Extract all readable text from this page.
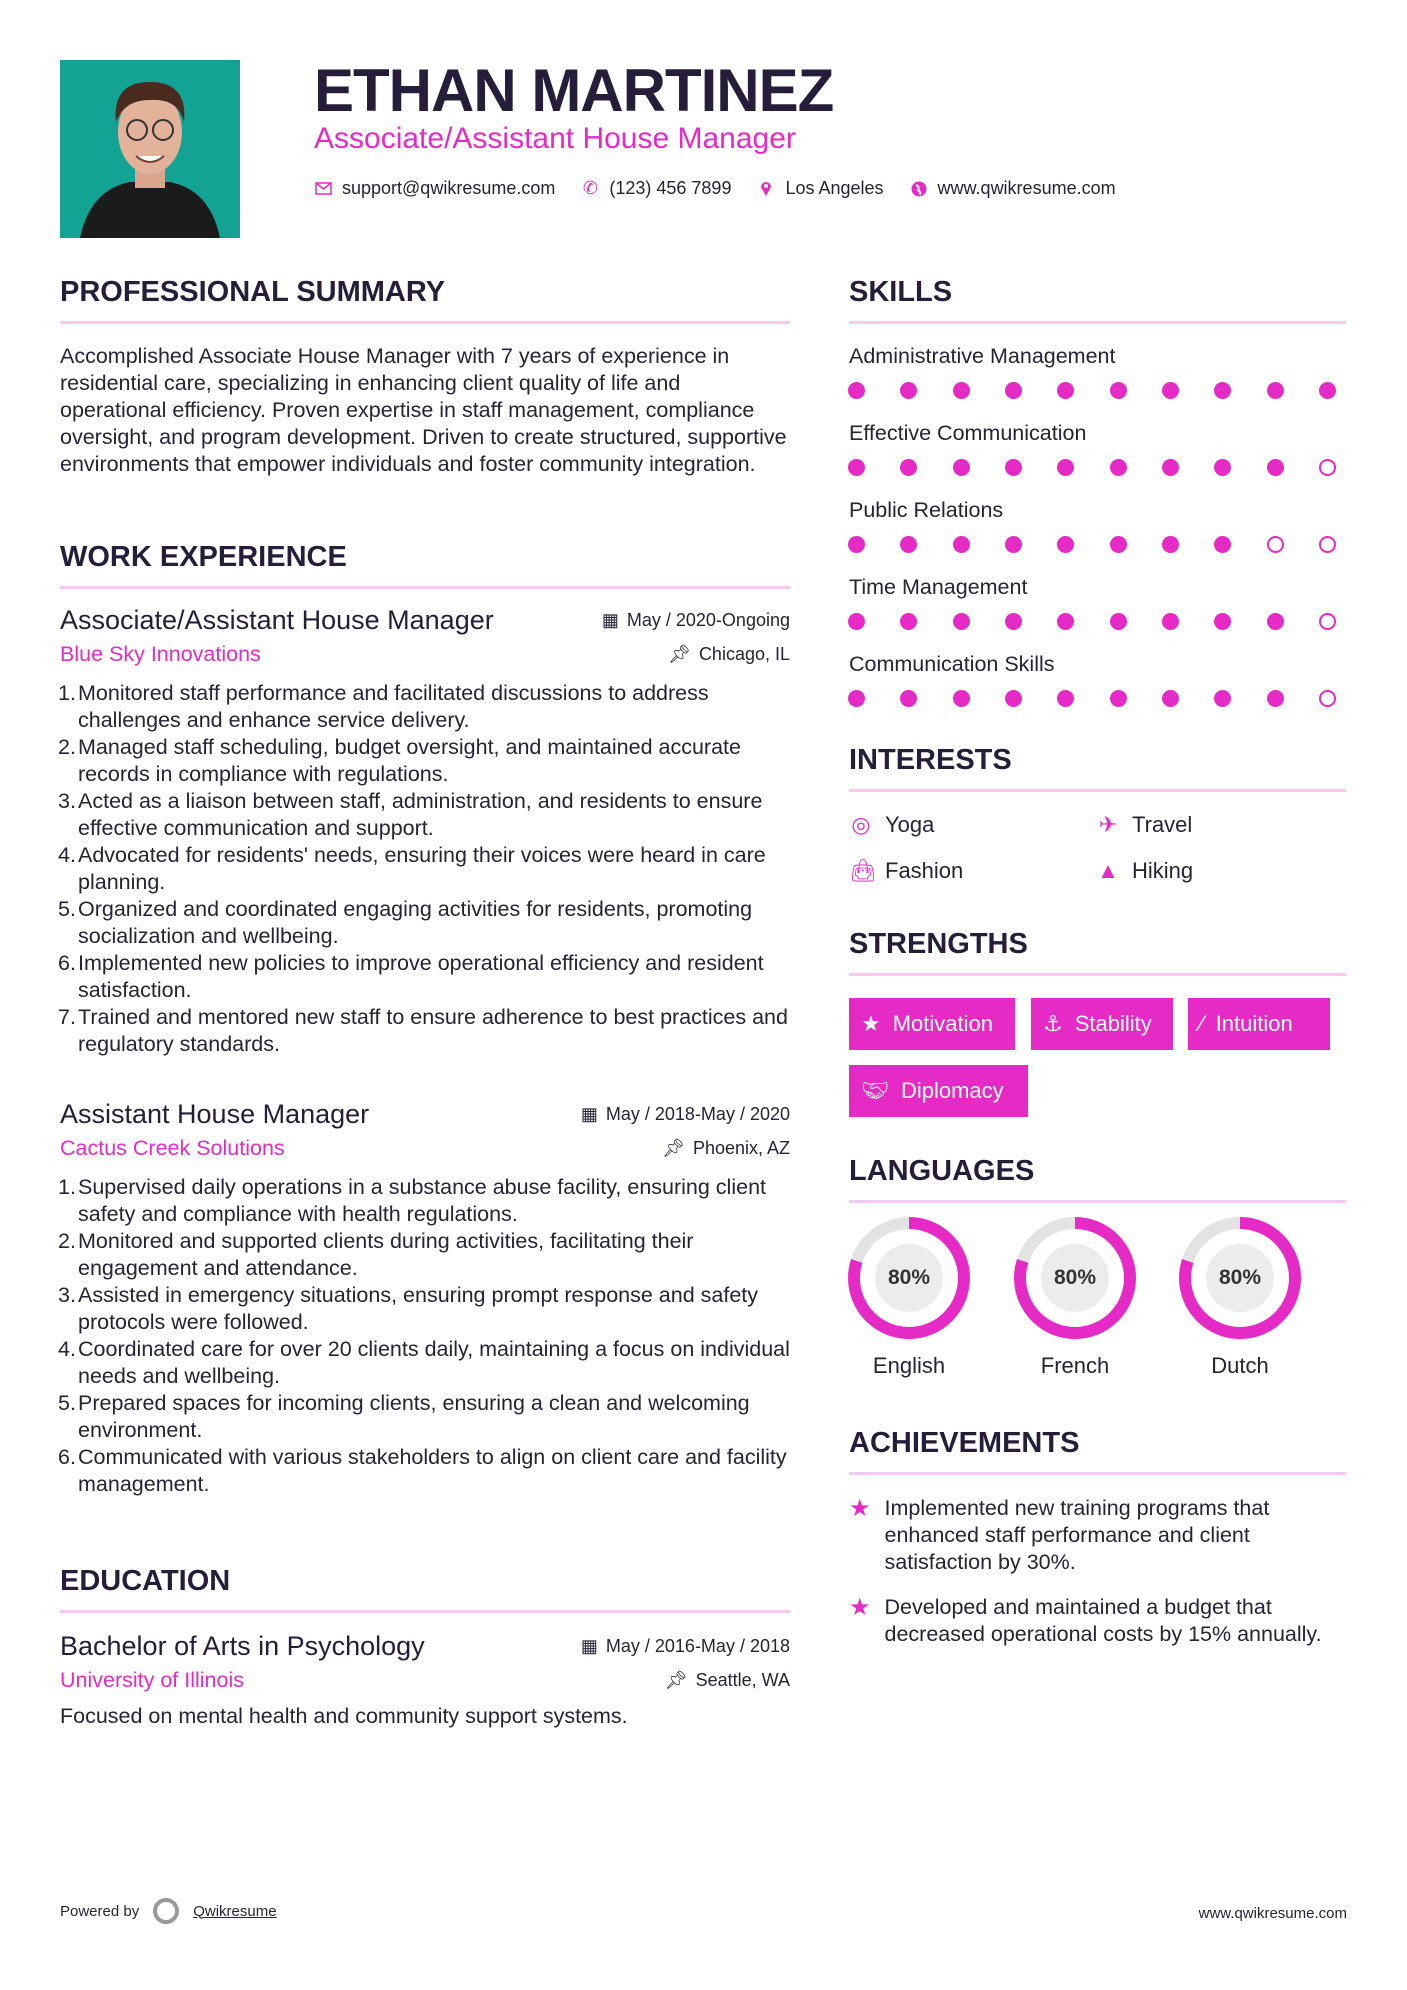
ETHAN MARTINEZ
Associate/Assistant House Manager
support@qwikresume.com ✆ (123) 456 7899	Los Angeles	www.qwikresume.com
PROFESSIONAL SUMMARY
Accomplished Associate House Manager with 7 years of experience in residential care, specializing in enhancing client quality of life and operational efficiency. Proven expertise in staff management, compliance oversight, and program development. Driven to create structured, supportive environments that empower individuals and foster community integration.
WORK EXPERIENCE
Associate/Assistant House Manager	▦ May / 2020-Ongoing
Blue Sky Innovations	📌︎ Chicago, IL
1. Monitored staff performance and facilitated discussions to address challenges and enhance service delivery.
2. Managed staff scheduling, budget oversight, and maintained accurate records in compliance with regulations.
3. Acted as a liaison between staff, administration, and residents to ensure effective communication and support.
4. Advocated for residents' needs, ensuring their voices were heard in care planning.
5. Organized and coordinated engaging activities for residents, promoting socialization and wellbeing.
6. Implemented new policies to improve operational efficiency and resident satisfaction.
7. Trained and mentored new staff to ensure adherence to best practices and regulatory standards.
Assistant House Manager	▦ May / 2018-May / 2020
Cactus Creek Solutions	📌︎ Phoenix, AZ
1. Supervised daily operations in a substance abuse facility, ensuring client safety and compliance with health regulations.
2. Monitored and supported clients during activities, facilitating their engagement and attendance.
3. Assisted in emergency situations, ensuring prompt response and safety protocols were followed.
4. Coordinated care for over 20 clients daily, maintaining a focus on individual needs and wellbeing.
5. Prepared spaces for incoming clients, ensuring a clean and welcoming environment.
6. Communicated with various stakeholders to align on client care and facility management.
EDUCATION
Bachelor of Arts in Psychology	▦ May / 2016-May / 2018
University of Illinois	📌︎ Seattle, WA
Focused on mental health and community support systems.
SKILLS
Administrative Management
Effective Communication
Public Relations
Time Management
Communication Skills
INTERESTS
◎ Yoga	✈ Travel
👜︎ Fashion	▲ Hiking
STRENGTHS
★ Motivation ⚓︎ Stability ⁄ Intuition
🤝︎ Diplomacy
LANGUAGES
80%
English
80%
French
80%
Dutch
ACHIEVEMENTS
★ Implemented new training programs that enhanced staff performance and client satisfaction by 30%.
★ Developed and maintained a budget that decreased operational costs by 15% annually.
Powered by	Qwikresume	www.qwikresume.com
